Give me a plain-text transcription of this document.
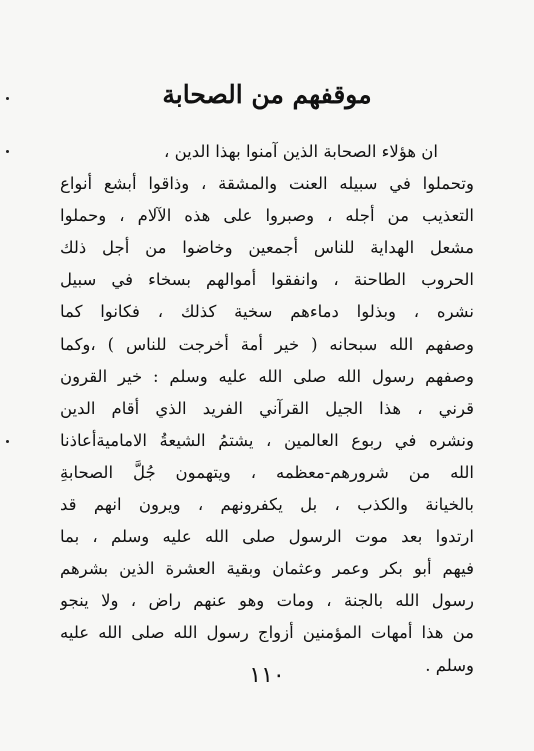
موقفهم من الصحابة
ان هؤلاء الصحابة الذين آمنوا بهذا الدين ،
وتحملوا في سبيله العنت والمشقة ، وذاقوا أبشع أنواع
التعذيب من أجله ، وصبروا على هذه الآلام ، وحملوا
مشعل الهداية للناس أجمعين وخاضوا من أجل ذلك
الحروب الطاحنة ، وانفقوا أموالهم بسخاء في سبيل
نشره ، وبذلوا دماءهم سخية كذلك ، فكانوا كما
وصفهم الله سبحانه ( خير أمة أخرجت للناس ) ،وكما
وصفهم رسول الله صلى الله عليه وسلم : خير القرون
قرني ، هذا الجيل القرآني الفريد الذي أقام الدين
ونشره في ربوع العالمين ، يشتمُ الشيعةُ الاماميةأعاذنا
الله من شرورهم-معظمه ، ويتهمون جُلَّ الصحابةِ
بالخيانة والكذب ، بل يكفرونهم ، ويرون انهم قد
ارتدوا بعد موت الرسول صلى الله عليه وسلم ، بما
فيهم أبو بكر وعمر وعثمان وبقية العشرة الذين بشرهم
رسول الله بالجنة ، ومات وهو عنهم راض ، ولا ينجو
من هذا أمهات المؤمنين أزواج رسول الله صلى الله عليه
وسلم .
١١٠
